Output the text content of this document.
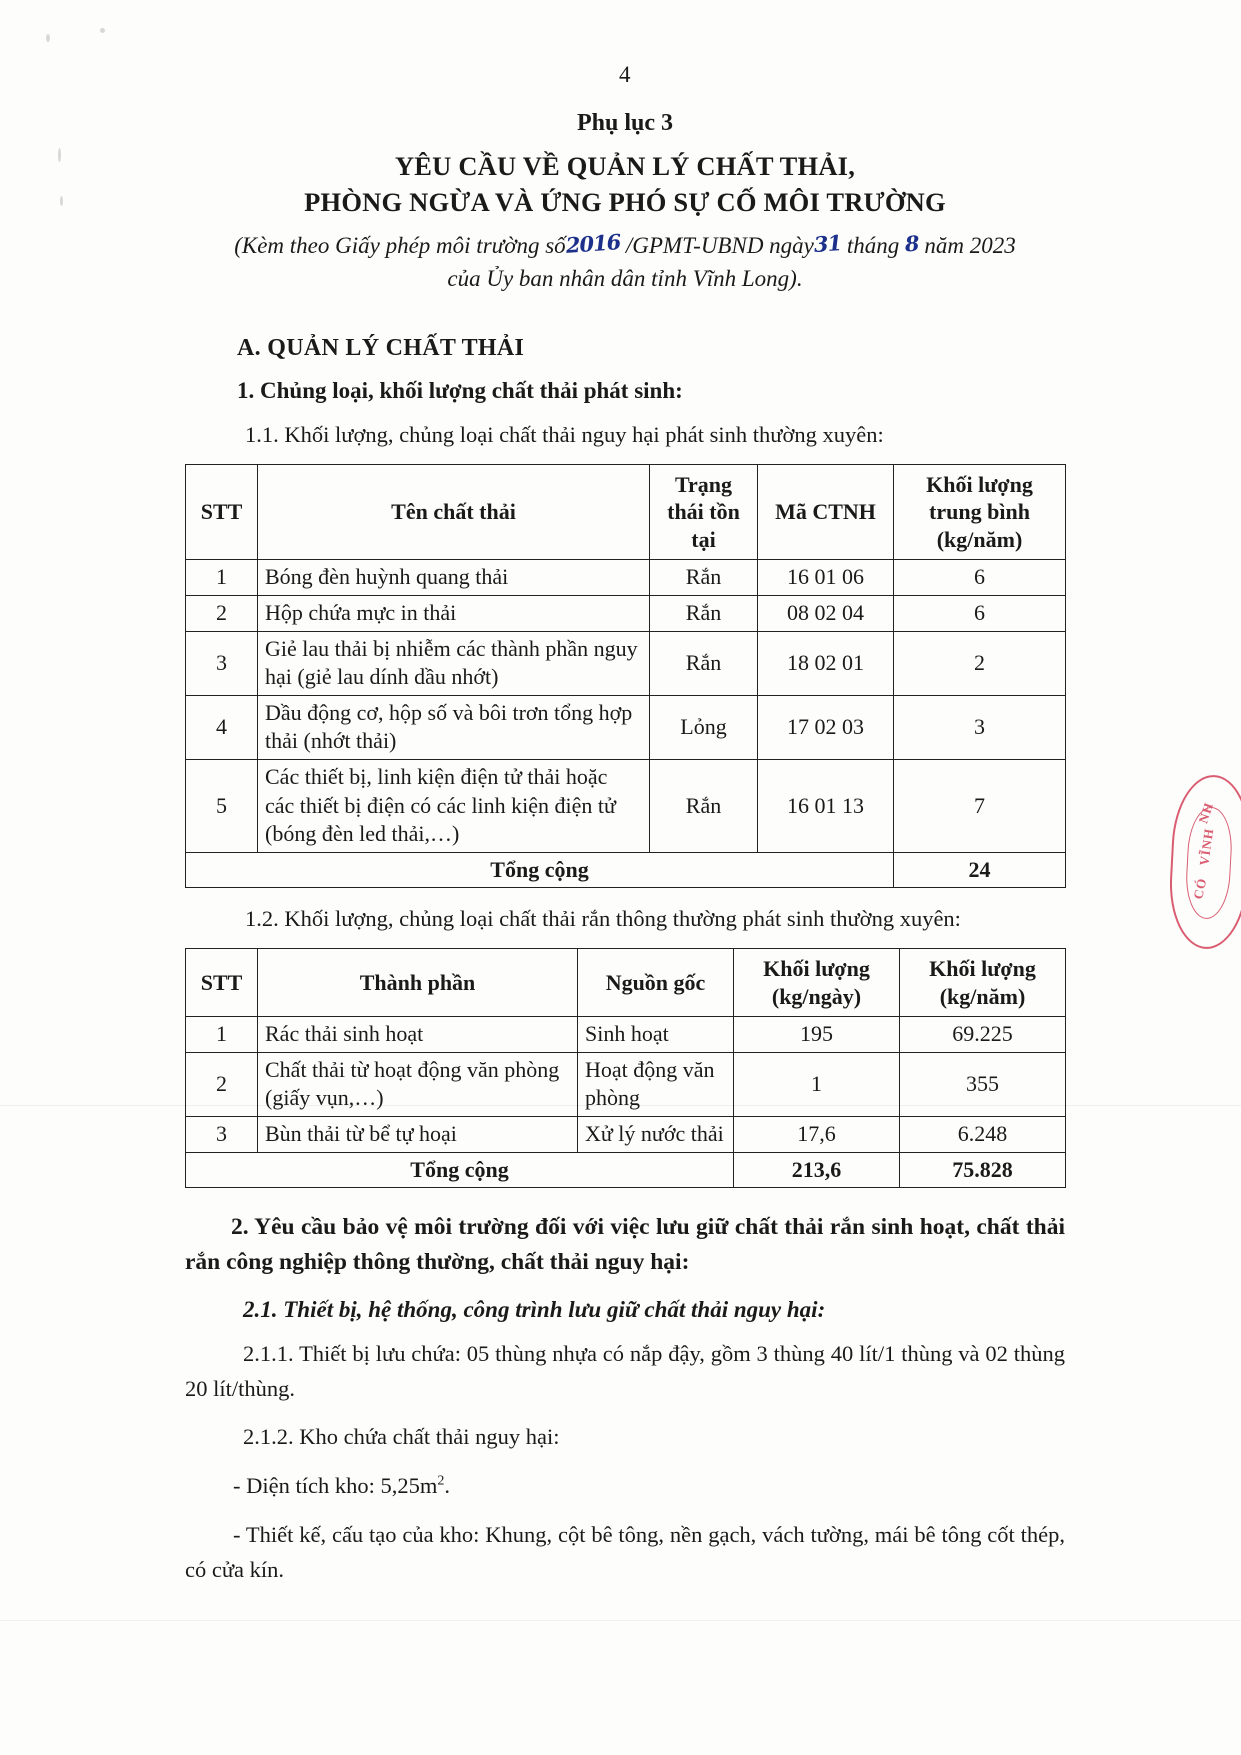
4
Phụ lục 3
YÊU CẦU VỀ QUẢN LÝ CHẤT THẢI,
PHÒNG NGỪA VÀ ỨNG PHÓ SỰ CỐ MÔI TRƯỜNG
(Kèm theo Giấy phép môi trường số2016 /GPMT-UBND ngày31 tháng 8 năm 2023
của Ủy ban nhân dân tỉnh Vĩnh Long).
A. QUẢN LÝ CHẤT THẢI
1. Chủng loại, khối lượng chất thải phát sinh:
1.1. Khối lượng, chủng loại chất thải nguy hại phát sinh thường xuyên:
STT	Tên chất thải	Trạng thái tồn tại	Mã CTNH	Khối lượng trung bình (kg/năm)
1	Bóng đèn huỳnh quang thải	Rắn	16 01 06	6
2	Hộp chứa mực in thải	Rắn	08 02 04	6
3	Giẻ lau thải bị nhiễm các thành phần nguy hại (giẻ lau dính dầu nhớt)	Rắn	18 02 01	2
4	Dầu động cơ, hộp số và bôi trơn tổng hợp thải (nhớt thải)	Lỏng	17 02 03	3
5	Các thiết bị, linh kiện điện tử thải hoặc các thiết bị điện có các linh kiện điện tử (bóng đèn led thải,…)	Rắn	16 01 13	7
Tổng cộng				24
1.2. Khối lượng, chủng loại chất thải rắn thông thường phát sinh thường xuyên:
STT	Thành phần	Nguồn gốc	Khối lượng (kg/ngày)	Khối lượng (kg/năm)
1	Rác thải sinh hoạt	Sinh hoạt	195	69.225
2	Chất thải từ hoạt động văn phòng (giấy vụn,…)	Hoạt động văn phòng	1	355
3	Bùn thải từ bể tự hoại	Xử lý nước thải	17,6	6.248
Tổng cộng			213,6	75.828
2. Yêu cầu bảo vệ môi trường đối với việc lưu giữ chất thải rắn sinh hoạt, chất thải rắn công nghiệp thông thường, chất thải nguy hại:
2.1. Thiết bị, hệ thống, công trình lưu giữ chất thải nguy hại:
2.1.1. Thiết bị lưu chứa: 05 thùng nhựa có nắp đậy, gồm 3 thùng 40 lít/1 thùng và 02 thùng 20 lít/thùng.
2.1.2. Kho chứa chất thải nguy hại:
- Diện tích kho: $5,25m^2$.
- Thiết kế, cấu tạo của kho: Khung, cột bê tông, nền gạch, vách tường, mái bê tông cốt thép, có cửa kín.
NH
VĨNH
CÓ
